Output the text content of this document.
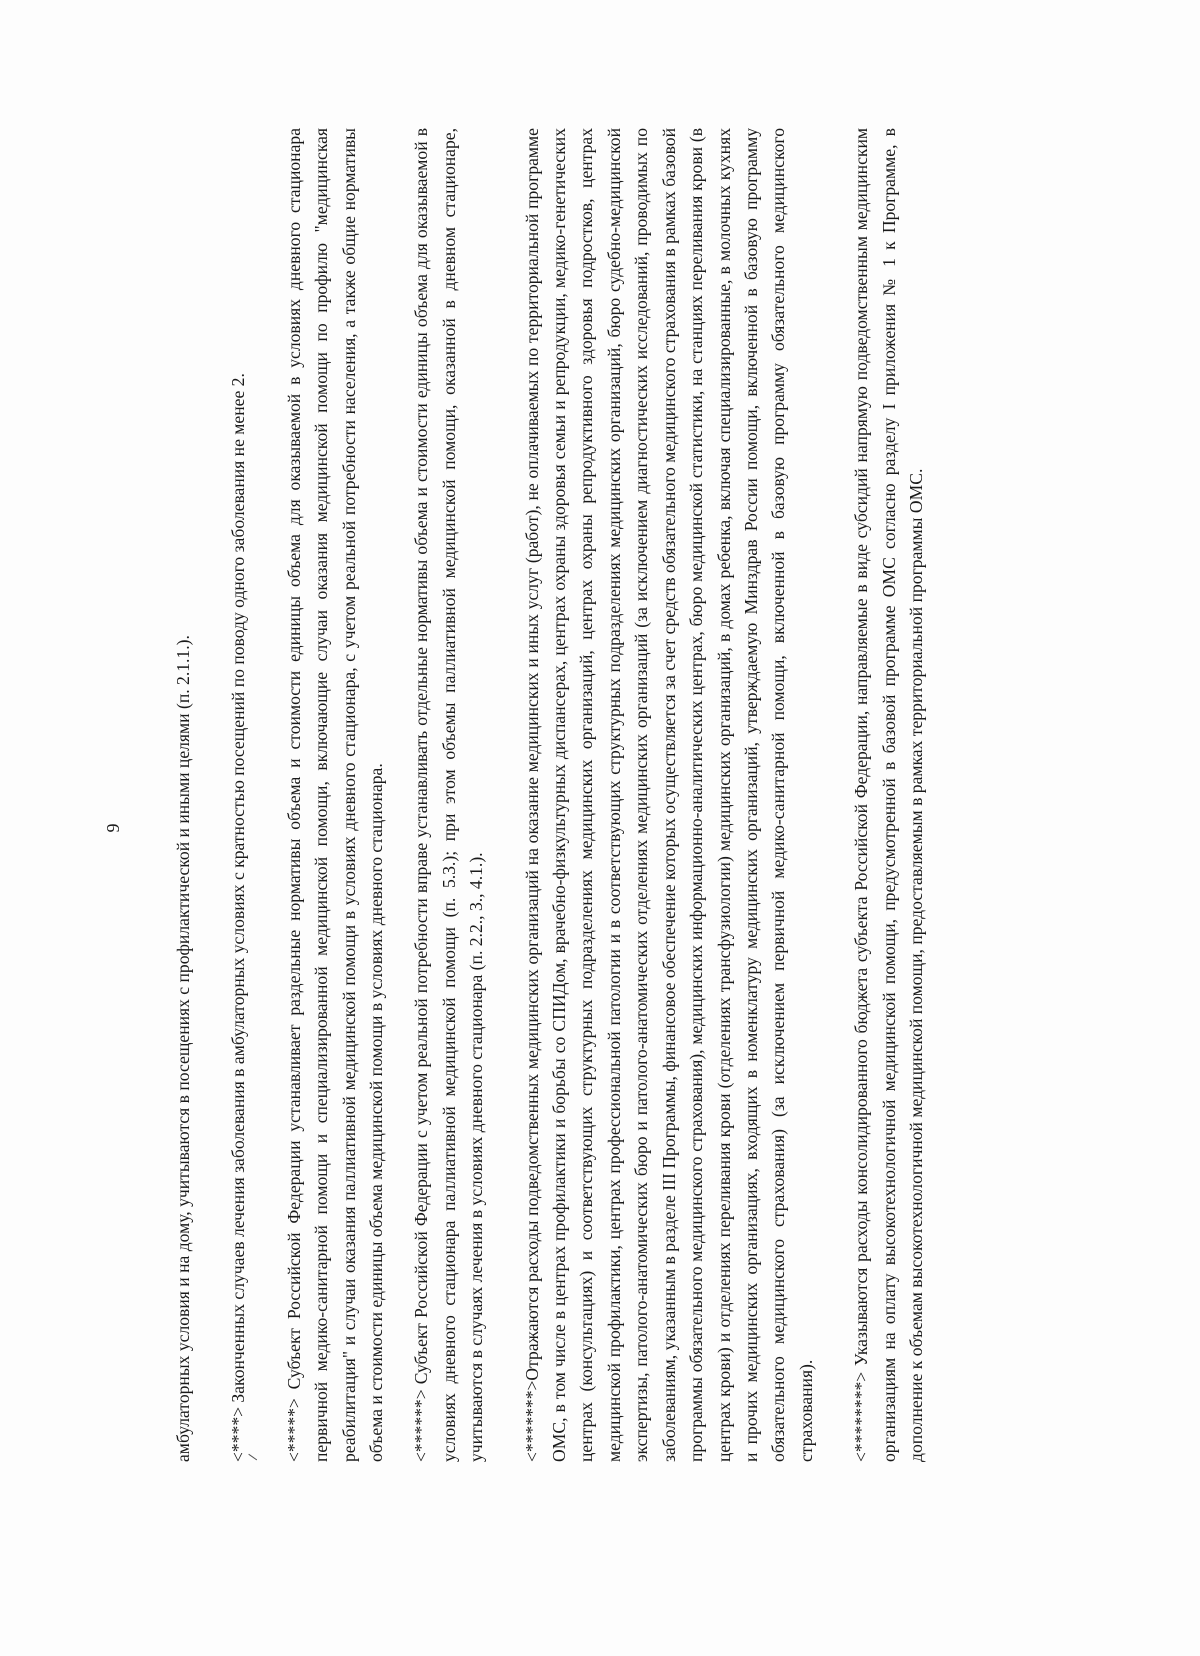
9	амбулаторных условия и на дому, учитываются в посещениях с профилактической и иными целями (п. 2.1.1.). <****> Законченных случаев лечения заболевания в амбулаторных условиях с кратностью посещений по поводу одного заболевания не менее 2. <*****> Субъект Российской Федерации устанавливает раздельные нормативы объема и стоимости единицы объема для оказываемой в условиях дневного стационара первичной медико-санитарной помощи и специализированной медицинской помощи, включающие случаи оказания медицинской помощи по профилю "медицинская реабилитация" и случаи оказания паллиативной медицинской помощи в условиях дневного стационара, с учетом реальной потребности населения, а также общие нормативы объема и стоимости единицы объема медицинской помощи в условиях дневного стационара. <******> Субъект Российской Федерации с учетом реальной потребности вправе устанавливать отдельные нормативы объема и стоимости единицы объема для оказываемой в условиях дневного стационара паллиативной медицинской помощи (п. 5.3.); при этом объемы паллиативной медицинской помощи, оказанной в дневном стационаре, учитываются в случаях лечения в условиях дневного стационара (п. 2.2., 3., 4.1.). <*******>Отражаются расходы подведомственных медицинских организаций на оказание медицинских и иных услуг (работ), не оплачиваемых по территориальной программе ОМС, в том числе в центрах профилактики и борьбы со СПИДом, врачебно-физкультурных диспансерах, центрах охраны здоровья семьи и репродукции, медико-генетических центрах (консультациях) и соответствующих структурных подразделениях медицинских организаций, центрах охраны репродуктивного здоровья подростков, центрах медицинской профилактики, центрах профессиональной патологии и в соответствующих структурных подразделениях медицинских организаций, бюро судебно-медицинской экспертизы, патолого-анатомических бюро и патолого-анатомических отделениях медицинских организаций (за исключением диагностических исследований, проводимых по заболеваниям, указанным в разделе III Программы, финансовое обеспечение которых осуществляется за счет средств обязательного медицинского страхования в рамках базовой программы обязательного медицинского страхования), медицинских информационно-аналитических центрах, бюро медицинской статистики, на станциях переливания крови (в центрах крови) и отделениях переливания крови (отделениях трансфузиологии) медицинских организаций, в домах ребенка, включая специализированные, в молочных кухнях и прочих медицинских организациях, входящих в номенклатуру медицинских организаций, утверждаемую Минздрав России помощи, включенной в базовую программу обязательного медицинского страхования) (за исключением первичной медико-санитарной помощи, включенной в базовую программу обязательного медицинского страхования). <********> Указываются расходы консолидированного бюджета субъекта Российской Федерации, направляемые в виде субсидий напрямую подведомственным медицинским организациям на оплату высокотехнологичной медицинской помощи, предусмотренной в базовой программе ОМС согласно разделу I приложения № 1 к Программе, в дополнение к объемам высокотехнологичной медицинской помощи, предоставляемым в рамках территориальной программы ОМС.
